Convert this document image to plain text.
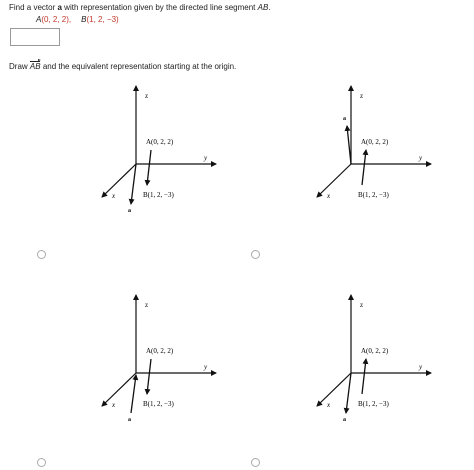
Find a vector a with representation given by the directed line segment AB.
A(0, 2, 2), B(1, 2, −3)
Draw AB and the equivalent representation starting at the origin.
z
y
x
A(0, 2, 2)
B(1, 2, −3)
a
z
y
x
A(0, 2, 2)
B(1, 2, −3)
a
z
y
x
A(0, 2, 2)
B(1, 2, −3)
a
z
y
x
A(0, 2, 2)
B(1, 2, −3)
a
